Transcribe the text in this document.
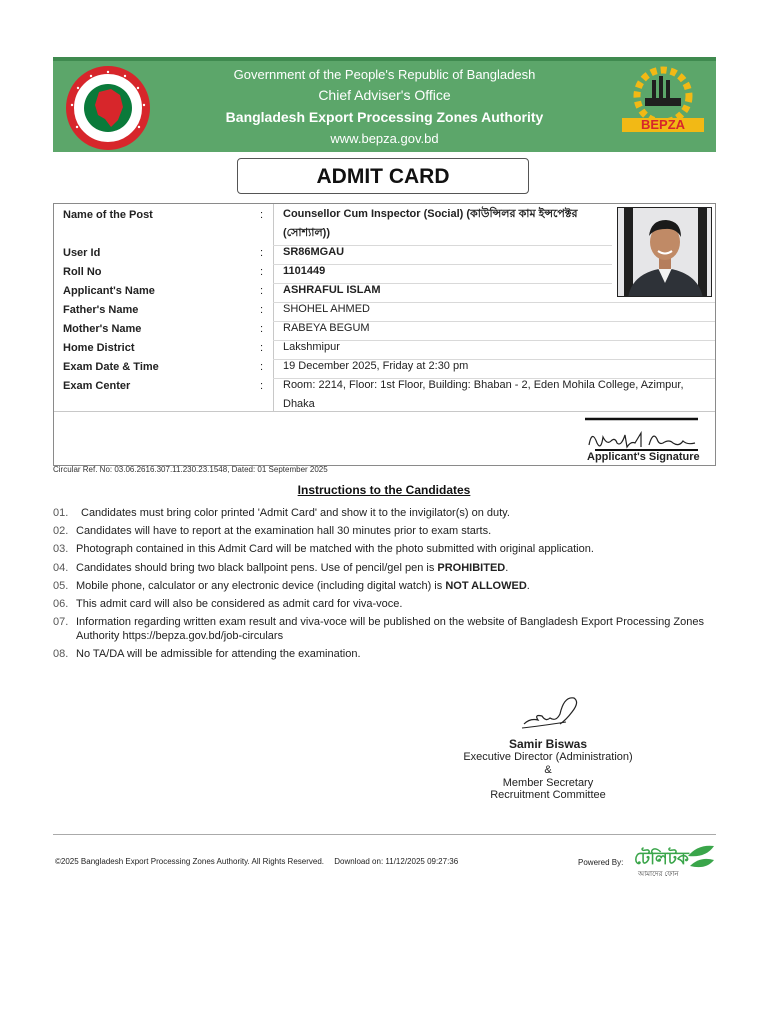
Government of the People's Republic of Bangladesh
Chief Adviser's Office
Bangladesh Export Processing Zones Authority
www.bepza.gov.bd
BEPZA
ADMIT CARD
Name of the Post	: Counsellor Cum Inspector (Social) (কাউন্সিলর কাম ইন্সপেক্টর (সোশ্যাল))
User Id	: SR86MGAU
Roll No	: 1101449
Applicant's Name	: ASHRAFUL ISLAM
Father's Name	: SHOHEL AHMED
Mother's Name	: RABEYA BEGUM
Home District	: Lakshmipur
Exam Date & Time	: 19 December 2025, Friday at 2:30 pm
Exam Center	: Room: 2214, Floor: 1st Floor, Building: Bhaban - 2, Eden Mohila College, Azimpur, Dhaka
Applicant's Signature
Circular Ref. No: 03.06.2616.307.11.230.23.1548, Dated: 01 September 2025
Instructions to the Candidates
01. Candidates must bring color printed 'Admit Card' and show it to the invigilator(s) on duty.
02. Candidates will have to report at the examination hall 30 minutes prior to exam starts.
03. Photograph contained in this Admit Card will be matched with the photo submitted with original application.
04. Candidates should bring two black ballpoint pens. Use of pencil/gel pen is PROHIBITED.
05. Mobile phone, calculator or any electronic device (including digital watch) is NOT ALLOWED.
06. This admit card will also be considered as admit card for viva-voce.
07. Information regarding written exam result and viva-voce will be published on the website of Bangladesh Export Processing Zones Authority https://bepza.gov.bd/job-circulars
08. No TA/DA will be admissible for attending the examination.
Samir Biswas
Executive Director (Administration)
&
Member Secretary
Recruitment Committee
©2025 Bangladesh Export Processing Zones Authority. All Rights Reserved. Download on: 11/12/2025 09:27:36	Powered By: টেলিটক
আমাদের ফোন
